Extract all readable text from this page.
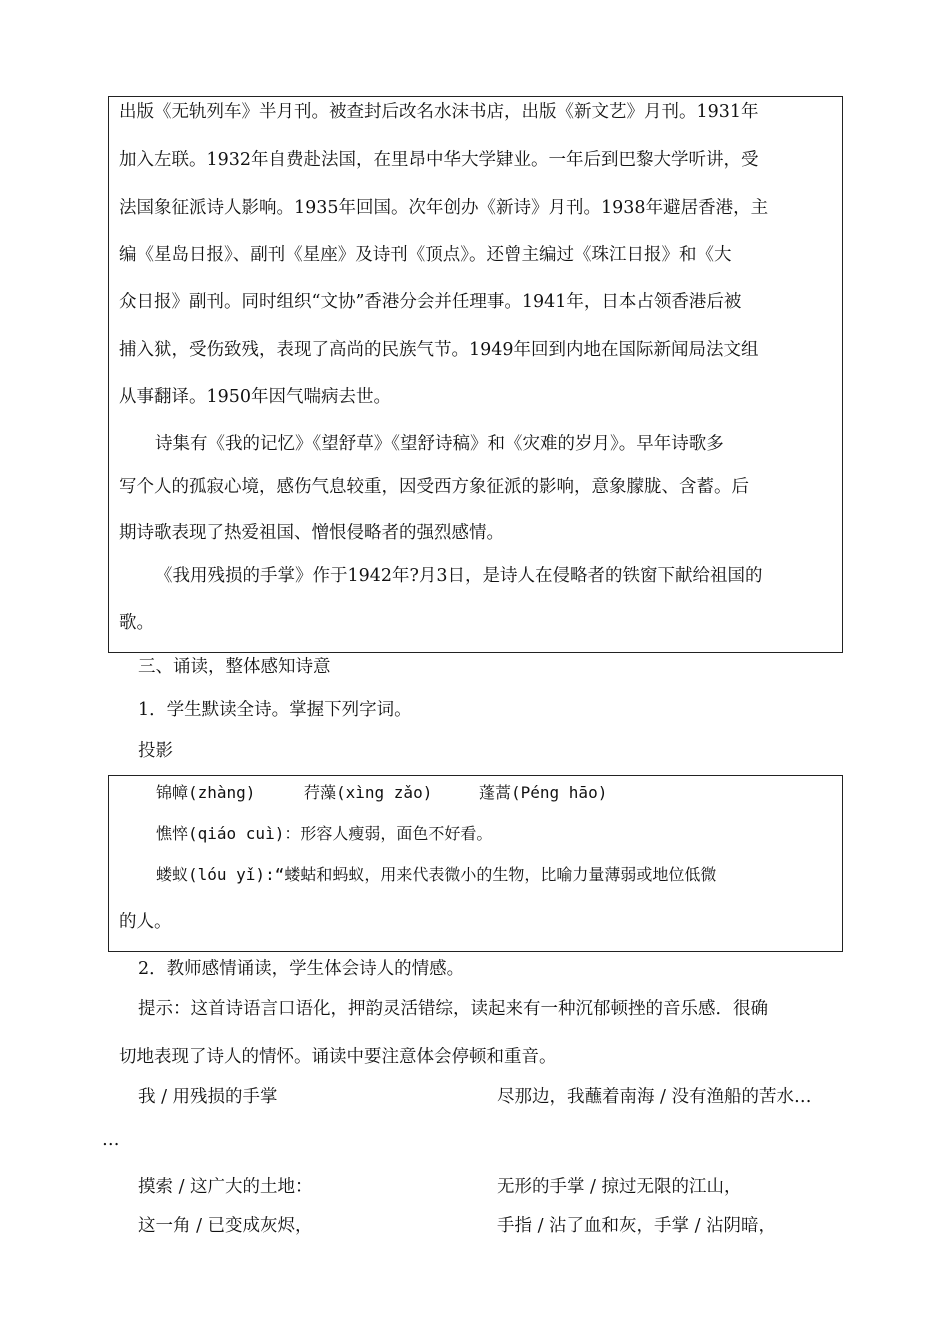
出版《无轨列车》半月刊。被查封后改名水沫书店，出版《新文艺》月刊。1931年
加入左联。1932年自费赴法国，在里昂中华大学肄业。一年后到巴黎大学听讲，受
法国象征派诗人影响。1935年回国。次年创办《新诗》月刊。1938年避居香港，主
编《星岛日报》、副刊《星座》及诗刊《顶点》。还曾主编过《珠江日报》和《大
众日报》副刊。同时组织“文协”香港分会并任理事。1941年，日本占领香港后被
捕入狱，受伤致残，表现了高尚的民族气节。1949年回到内地在国际新闻局法文组
从事翻译。1950年因气喘病去世。
诗集有《我的记忆》《望舒草》《望舒诗稿》和《灾难的岁月》。早年诗歌多
写个人的孤寂心境，感伤气息较重，因受西方象征派的影响，意象朦胧、含蓄。后
期诗歌表现了热爱祖国、憎恨侵略者的强烈感情。
《我用残损的手掌》作于1942年?月3日，是诗人在侵略者的铁窗下献给祖国的
歌。
三、诵读，整体感知诗意
1．学生默读全诗。掌握下列字词。
投影
锦幛(zhàng)	荇藻(xìng zǎo)	蓬蒿(Péng hāo)
憔悴(qiáo cuì)：形容人瘦弱，面色不好看。
蝼蚁(lóu yǐ):“蝼蛄和蚂蚁，用来代表微小的生物，比喻力量薄弱或地位低微
的人。
2．教师感情诵读，学生体会诗人的情感。
提示：这首诗语言口语化，押韵灵活错综，读起来有一种沉郁顿挫的音乐感．很确
切地表现了诗人的情怀。诵读中要注意体会停顿和重音。
我 / 用残损的手掌	尽那边，我蘸着南海 / 没有渔船的苦水…
…
摸索 / 这广大的土地：	无形的手掌 / 掠过无限的江山，
这一角 / 已变成灰烬，	手指 / 沾了血和灰，手掌 / 沾阴暗，
